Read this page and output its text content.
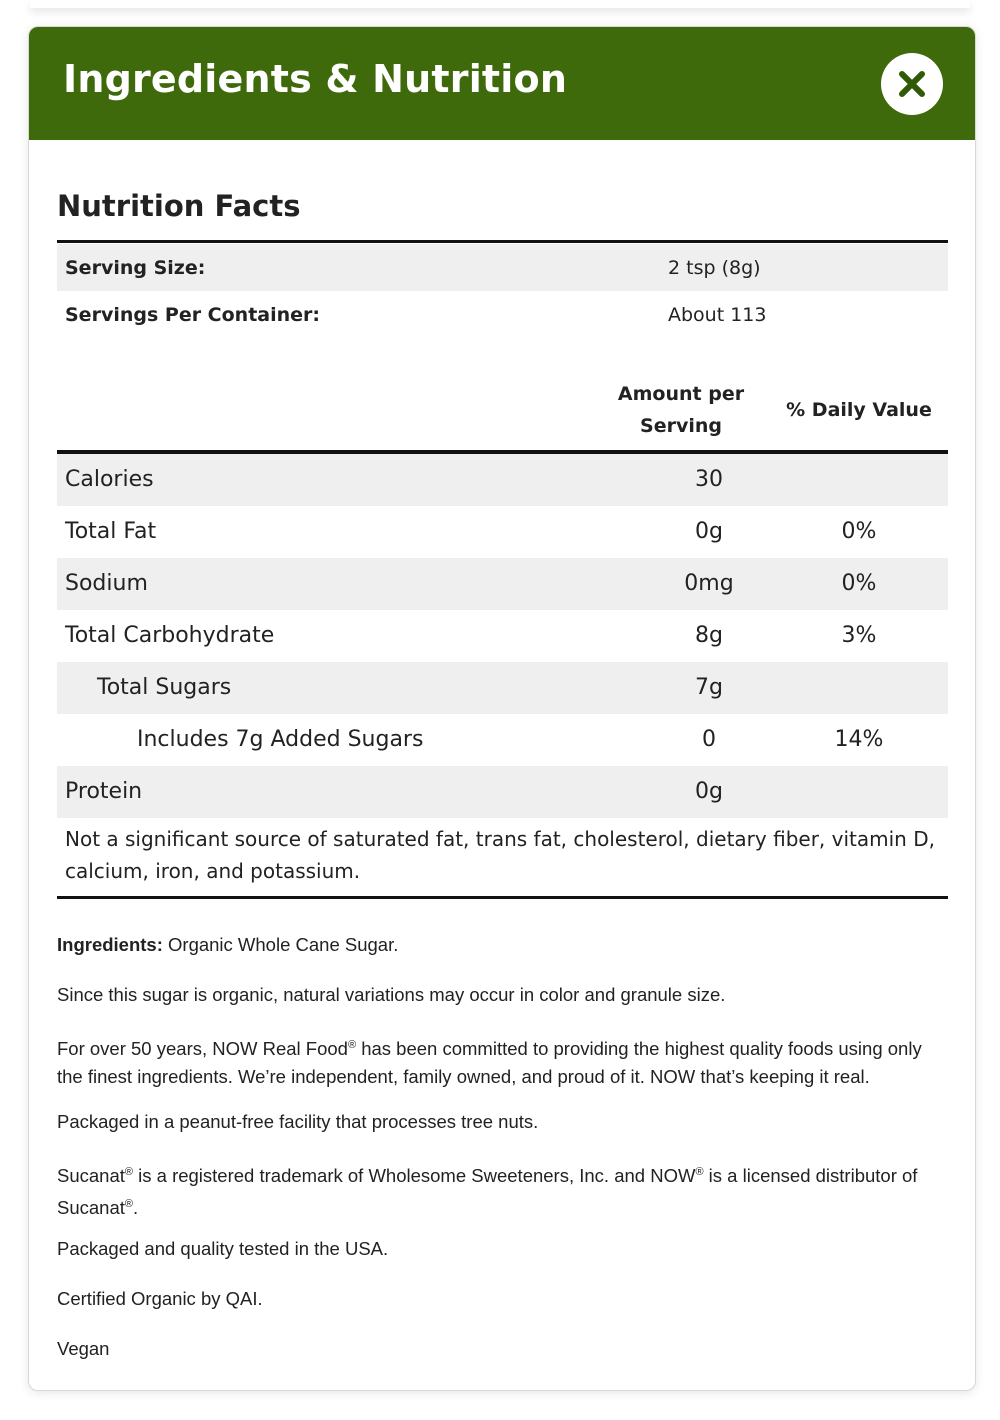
Ingredients & Nutrition
Nutrition Facts
Serving Size:	2 tsp (8g)
Servings Per Container:	About 113
Amount per
Serving
% Daily Value
Calories	30
Total Fat	0g	0%
Sodium	0mg	0%
Total Carbohydrate	8g	3%
Total Sugars	7g
Includes 7g Added Sugars	0	14%
Protein	0g
Not a significant source of saturated fat, trans fat, cholesterol, dietary fiber, vitamin D, calcium, iron, and potassium.
Ingredients: Organic Whole Cane Sugar.
Since this sugar is organic, natural variations may occur in color and granule size.
For over 50 years, NOW Real Food® has been committed to providing the highest quality foods using only the finest ingredients. We’re independent, family owned, and proud of it. NOW that’s keeping it real.
Packaged in a peanut-free facility that processes tree nuts.
Sucanat® is a registered trademark of Wholesome Sweeteners, Inc. and NOW® is a licensed distributor of Sucanat®.
Packaged and quality tested in the USA.
Certified Organic by QAI.
Vegan
